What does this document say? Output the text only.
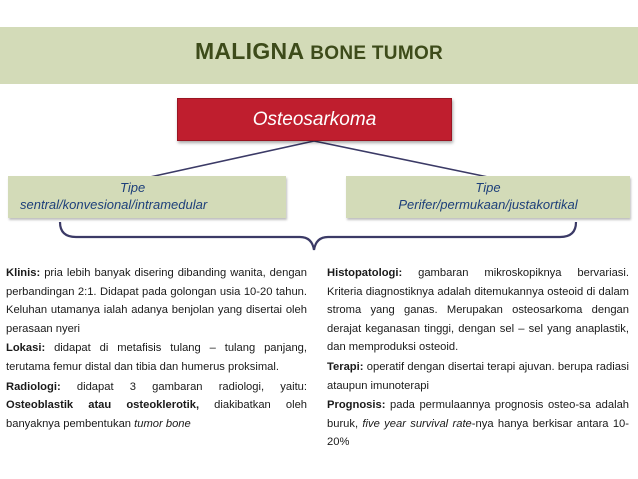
MALIGNA BONE TUMOR
Osteosarkoma
Tipe
sentral/konvesional/intramedular
Tipe
Perifer/permukaan/justakortikal

Klinis: pria lebih banyak disering dibanding wanita, dengan perbandingan 2:1. Didapat pada golongan usia 10-20 tahun. Keluhan utamanya ialah adanya benjolan yang disertai oleh perasaan nyeri

Lokasi: didapat di metafisis tulang – tulang panjang, terutama femur distal dan tibia dan humerus proksimal.

Radiologi: didapat 3 gambaran radiologi, yaitu: Osteoblastik atau osteoklerotik, diakibatkan oleh banyaknya pembentukan tumor bone

Histopatologi: gambaran mikroskopiknya bervariasi. Kriteria diagnostiknya adalah ditemukannya osteoid di dalam stroma yang ganas. Merupakan osteosarkoma dengan derajat keganasan tinggi, dengan sel – sel yang anaplastik, dan memproduksi osteoid.

Terapi: operatif dengan disertai terapi ajuvan. berupa radiasi ataupun imunoterapi

Prognosis: pada permulaannya prognosis osteo-sa adalah buruk, five year survival rate-nya hanya berkisar antara 10-20%
